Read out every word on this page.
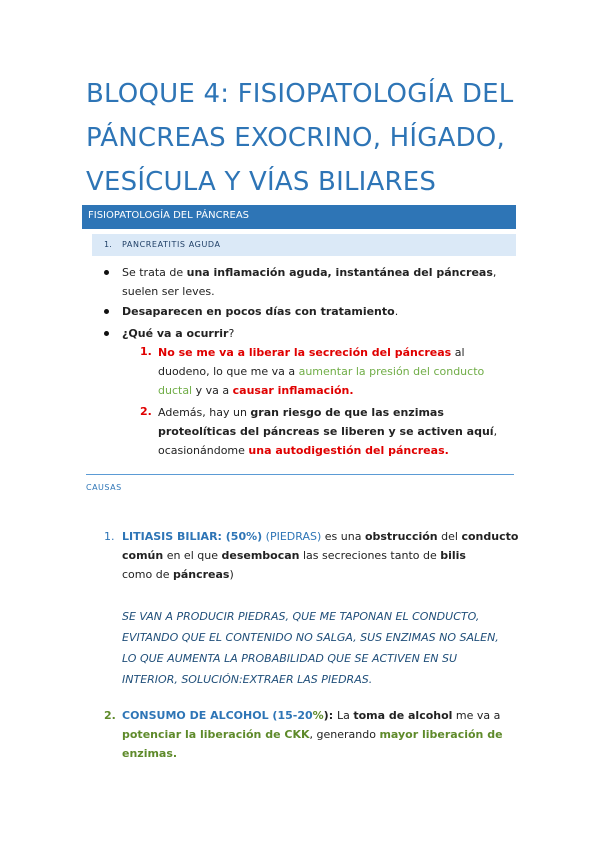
BLOQUE 4: FISIOPATOLOGÍA DEL
PÁNCREAS EXOCRINO, HÍGADO,
VESÍCULA Y VÍAS BILIARES
FISIOPATOLOGÍA DEL PÁNCREAS
1. PANCREATITIS AGUDA
Se trata de una inflamación aguda, instantánea del páncreas,
suelen ser leves.
Desaparecen en pocos días con tratamiento.
¿Qué va a ocurrir?
1. No se me va a liberar la secreción del páncreas al
duodeno, lo que me va a aumentar la presión del conducto
ductal y va a causar inflamación.
2. Además, hay un gran riesgo de que las enzimas
proteolíticas del páncreas se liberen y se activen aquí,
ocasionándome una autodigestión del páncreas.
CAUSAS
1. LITIASIS BILIAR: (50%) (PIEDRAS) es una obstrucción del conducto
común en el que desembocan las secreciones tanto de bilis
como de páncreas)
SE VAN A PRODUCIR PIEDRAS, QUE ME TAPONAN EL CONDUCTO,
EVITANDO QUE EL CONTENIDO NO SALGA, SUS ENZIMAS NO SALEN,
LO QUE AUMENTA LA PROBABILIDAD QUE SE ACTIVEN EN SU
INTERIOR, SOLUCIÓN:EXTRAER LAS PIEDRAS.
2. CONSUMO DE ALCOHOL (15-20%): La toma de alcohol me va a
potenciar la liberación de CKK, generando mayor liberación de
enzimas.
